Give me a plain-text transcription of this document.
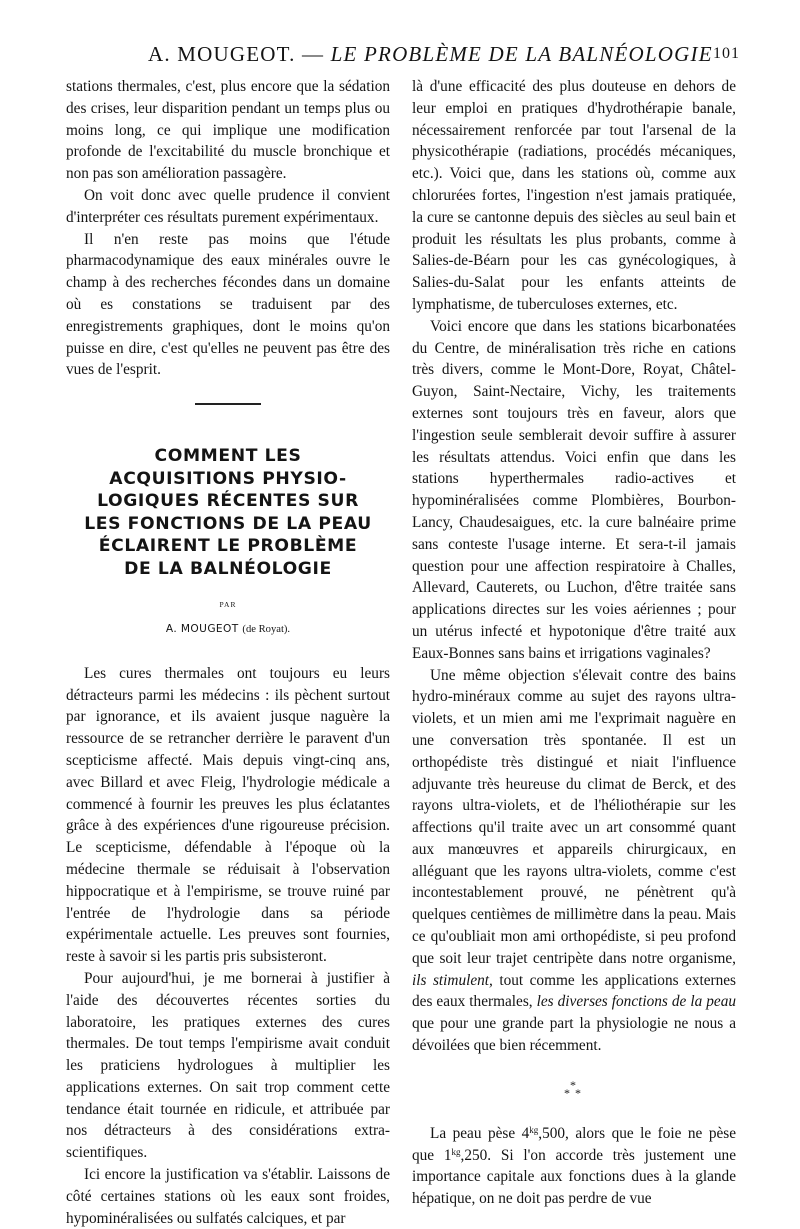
A. MOUGEOT. — LE PROBLÈME DE LA BALNÉOLOGIE 101

stations thermales, c'est, plus encore que la sédation des crises, leur disparition pendant un temps plus ou moins long, ce qui implique une modification profonde de l'excitabilité du muscle bronchique et non pas son amélioration passagère.

On voit donc avec quelle prudence il convient d'interpréter ces résultats purement expérimentaux.

Il n'en reste pas moins que l'étude pharmacodynamique des eaux minérales ouvre le champ à des recherches fécondes dans un domaine où es constations se traduisent par des enregistrements graphiques, dont le moins qu'on puisse en dire, c'est qu'elles ne peuvent pas être des vues de l'esprit.

COMMENT LES
ACQUISITIONS PHYSIO-
LOGIQUES RÉCENTES SUR
LES FONCTIONS DE LA PEAU
ÉCLAIRENT LE PROBLÈME
DE LA BALNÉOLOGIE
PAR
A. MOUGEOT (de Royat).

Les cures thermales ont toujours eu leurs détracteurs parmi les médecins : ils pèchent surtout par ignorance, et ils avaient jusque naguère la ressource de se retrancher derrière le paravent d'un scepticisme affecté. Mais depuis vingt-cinq ans, avec Billard et avec Fleig, l'hydrologie médicale a commencé à fournir les preuves les plus éclatantes grâce à des expériences d'une rigoureuse précision. Le scepticisme, défendable à l'époque où la médecine thermale se réduisait à l'observation hippocratique et à l'empirisme, se trouve ruiné par l'entrée de l'hydrologie dans sa période expérimentale actuelle. Les preuves sont fournies, reste à savoir si les partis pris subsisteront.

Pour aujourd'hui, je me bornerai à justifier à l'aide des découvertes récentes sorties du laboratoire, les pratiques externes des cures thermales. De tout temps l'empirisme avait conduit les praticiens hydrologues à multiplier les applications externes. On sait trop comment cette tendance était tournée en ridicule, et attribuée par nos détracteurs à des considérations extra-scientifiques.

Ici encore la justification va s'établir. Laissons de côté certaines stations où les eaux sont froides, hypominéralisées ou sulfatés calciques, et par

là d'une efficacité des plus douteuse en dehors de leur emploi en pratiques d'hydrothérapie banale, nécessairement renforcée par tout l'arsenal de la physicothérapie (radiations, procédés mécaniques, etc.). Voici que, dans les stations où, comme aux chlorurées fortes, l'ingestion n'est jamais pratiquée, la cure se cantonne depuis des siècles au seul bain et produit les résultats les plus probants, comme à Salies-de-Béarn pour les cas gynécologiques, à Salies-du-Salat pour les enfants atteints de lymphatisme, de tuberculoses externes, etc.

Voici encore que dans les stations bicarbonatées du Centre, de minéralisation très riche en cations très divers, comme le Mont-Dore, Royat, Châtel-Guyon, Saint-Nectaire, Vichy, les traitements externes sont toujours très en faveur, alors que l'ingestion seule semblerait devoir suffire à assurer les résultats attendus. Voici enfin que dans les stations hyperthermales radio-actives et hypominéralisées comme Plombières, Bourbon-Lancy, Chaudesaigues, etc. la cure balnéaire prime sans conteste l'usage interne. Et sera-t-il jamais question pour une affection respiratoire à Challes, Allevard, Cauterets, ou Luchon, d'être traitée sans applications directes sur les voies aériennes ; pour un utérus infecté et hypotonique d'être traité aux Eaux-Bonnes sans bains et irrigations vaginales?

Une même objection s'élevait contre des bains hydro-minéraux comme au sujet des rayons ultra-violets, et un mien ami me l'exprimait naguère en une conversation très spontanée. Il est un orthopédiste très distingué et niait l'influence adjuvante très heureuse du climat de Berck, et des rayons ultra-violets, et de l'héliothérapie sur les affections qu'il traite avec un art consommé quant aux manœuvres et appareils chirurgicaux, en alléguant que les rayons ultra-violets, comme c'est incontestablement prouvé, ne pénètrent qu'à quelques centièmes de millimètre dans la peau. Mais ce qu'oubliait mon ami orthopédiste, si peu profond que soit leur trajet centripète dans notre organisme, ils stimulent, tout comme les applications externes des eaux thermales, les diverses fonctions de la peau que pour une grande part la physiologie ne nous a dévoilées que bien récemment.

*
* *

La peau pèse $4^{kg},500$, alors que le foie ne pèse que $1^{kg},250$. Si l'on accorde très justement une importance capitale aux fonctions dues à la glande hépatique, on ne doit pas perdre de vue
